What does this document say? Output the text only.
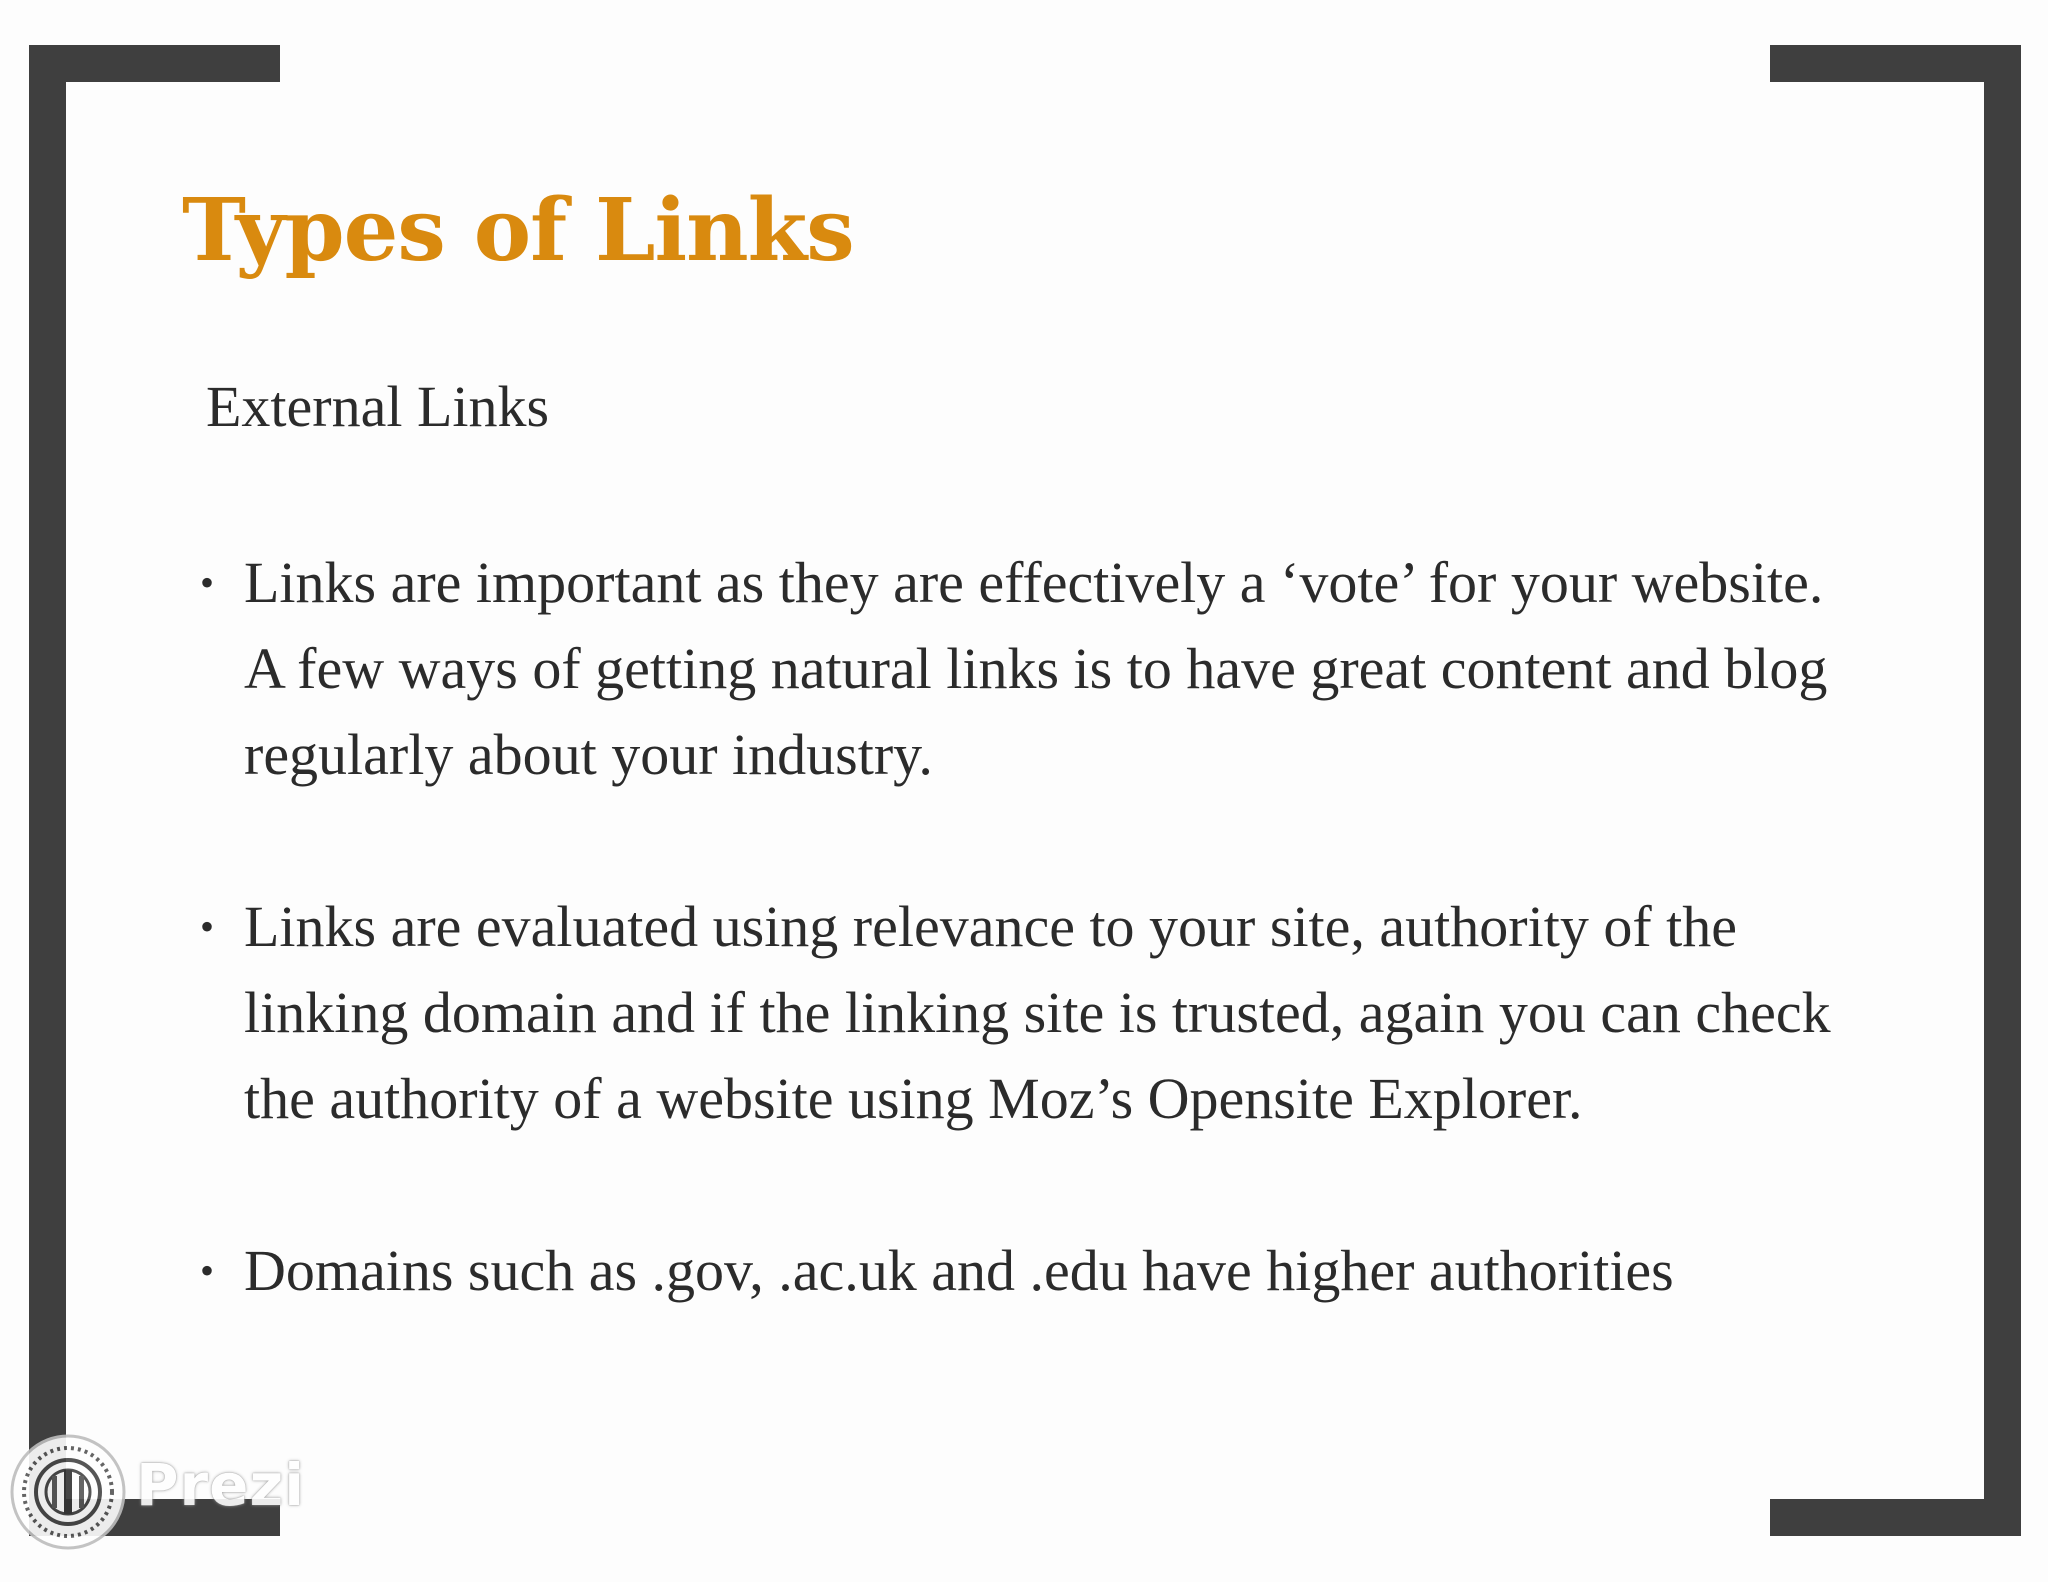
Types of Links
External Links
• Links are important as they are effectively a ‘vote’ for your website. A few ways of getting natural links is to have great content and blog regularly about your industry.
• Links are evaluated using relevance to your site, authority of the linking domain and if the linking site is trusted, again you can check the authority of a website using Moz’s Opensite Explorer.
• Domains such as .gov, .ac.uk and .edu have higher authorities
Prezi
